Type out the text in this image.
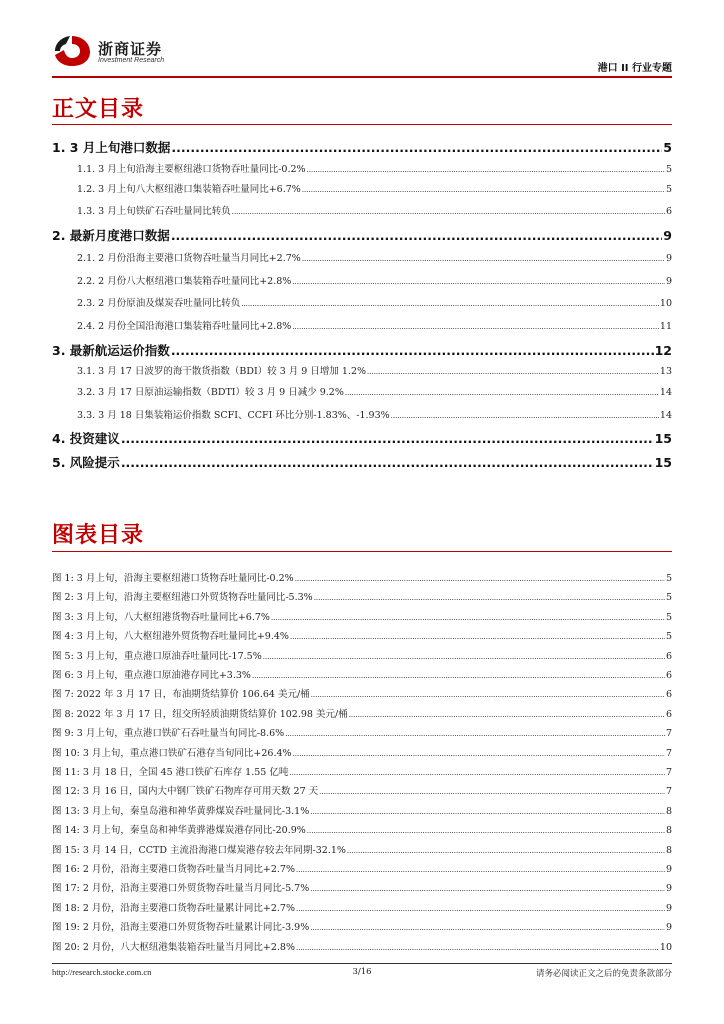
浙商证券
Investment Research
港口 II 行业专题
正文目录
1. 3 月上旬港口数据 .....	5
1.1. 3 月上旬沿海主要枢纽港口货物吞吐量同比-0.2% .....	5
1.2. 3 月上旬八大枢纽港口集装箱吞吐量同比+6.7% .....	5
1.3. 3 月上旬铁矿石吞吐量同比转负 .....	6
2. 最新月度港口数据 .....	9
2.1. 2 月份沿海主要港口货物吞吐量当月同比+2.7% .....	9
2.2. 2 月份八大枢纽港口集装箱吞吐量同比+2.8% .....	9
2.3. 2 月份原油及煤炭吞吐量同比转负 .....	10
2.4. 2 月份全国沿海港口集装箱吞吐量同比+2.8% .....	11
3. 最新航运运价指数 .....	12
3.1. 3 月 17 日波罗的海干散货指数（BDI）较 3 月 9 日增加 1.2% .....	13
3.2. 3 月 17 日原油运输指数（BDTI）较 3 月 9 日减少 9.2% .....	14
3.3. 3 月 18 日集装箱运价指数 SCFI、CCFI 环比分别-1.83%、-1.93% .....	14
4. 投资建议 .....	15
5. 风险提示 .....	15
图表目录
图 1: 3 月上旬，沿海主要枢纽港口货物吞吐量同比-0.2% .....	5
图 2: 3 月上旬，沿海主要枢纽港口外贸货物吞吐量同比-5.3% .....	5
图 3: 3 月上旬，八大枢纽港货物吞吐量同比+6.7% .....	5
图 4: 3 月上旬，八大枢纽港外贸货物吞吐量同比+9.4% .....	5
图 5: 3 月上旬，重点港口原油吞吐量同比-17.5% .....	6
图 6: 3 月上旬，重点港口原油港存同比+3.3% .....	6
图 7: 2022 年 3 月 17 日，布油期货结算价 106.64 美元/桶 .....	6
图 8: 2022 年 3 月 17 日，纽交所轻质油期货结算价 102.98 美元/桶 .....	6
图 9: 3 月上旬，重点港口铁矿石吞吐量当旬同比-8.6% .....	7
图 10: 3 月上旬，重点港口铁矿石港存当旬同比+26.4% .....	7
图 11: 3 月 18 日，全国 45 港口铁矿石库存 1.55 亿吨 .....	7
图 12: 3 月 16 日，国内大中钢厂铁矿石物库存可用天数 27 天 .....	7
图 13: 3 月上旬，秦皇岛港和神华黄骅煤炭吞吐量同比-3.1% .....	8
图 14: 3 月上旬，秦皇岛和神华黄骅港煤炭港存同比-20.9% .....	8
图 15: 3 月 14 日，CCTD 主流沿海港口煤炭港存较去年同期-32.1% .....	8
图 16: 2 月份，沿海主要港口货物吞吐量当月同比+2.7% .....	9
图 17: 2 月份，沿海主要港口外贸货物吞吐量当月同比-5.7% .....	9
图 18: 2 月份，沿海主要港口货物吞吐量累计同比+2.7% .....	9
图 19: 2 月份，沿海主要港口外贸货物吞吐量累计同比-3.9% .....	9
图 20: 2 月份，八大枢纽港集装箱吞吐量当月同比+2.8% .....	10
http://research.stocke.com.cn	3/16	请务必阅读正文之后的免责条款部分
